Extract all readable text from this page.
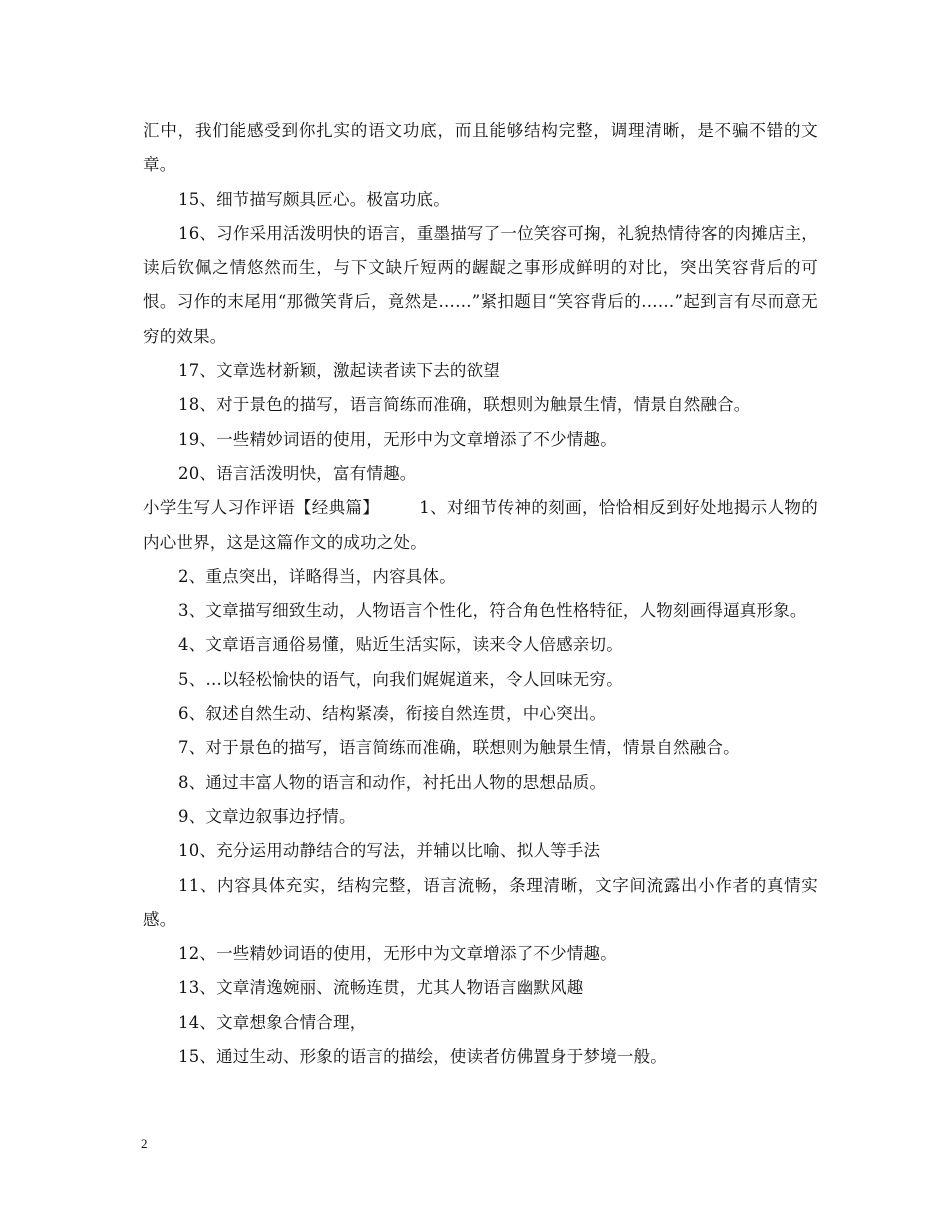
汇中，我们能感受到你扎实的语文功底，而且能够结构完整，调理清晰，是不骗不错的文章。

15、细节描写颇具匠心。极富功底。

16、习作采用活泼明快的语言，重墨描写了一位笑容可掬，礼貌热情待客的肉摊店主，读后钦佩之情悠然而生，与下文缺斤短两的龌龊之事形成鲜明的对比，突出笑容背后的可恨。习作的末尾用“那微笑背后，竟然是……”紧扣题目“笑容背后的……”起到言有尽而意无穷的效果。

17、文章选材新颖，激起读者读下去的欲望

18、对于景色的描写，语言简练而准确，联想则为触景生情，情景自然融合。

19、一些精妙词语的使用，无形中为文章增添了不少情趣。

20、语言活泼明快，富有情趣。

小学生写人习作评语【经典篇】 1、对细节传神的刻画，恰恰相反到好处地揭示人物的内心世界，这是这篇作文的成功之处。

2、重点突出，详略得当，内容具体。

3、文章描写细致生动，人物语言个性化，符合角色性格特征，人物刻画得逼真形象。

4、文章语言通俗易懂，贴近生活实际，读来令人倍感亲切。

5、…以轻松愉快的语气，向我们娓娓道来，令人回味无穷。

6、叙述自然生动、结构紧凑，衔接自然连贯，中心突出。

7、对于景色的描写，语言简练而准确，联想则为触景生情，情景自然融合。

8、通过丰富人物的语言和动作，衬托出人物的思想品质。

9、文章边叙事边抒情。

10、充分运用动静结合的写法，并辅以比喻、拟人等手法

11、内容具体充实，结构完整，语言流畅，条理清晰，文字间流露出小作者的真情实感。

12、一些精妙词语的使用，无形中为文章增添了不少情趣。

13、文章清逸婉丽、流畅连贯，尤其人物语言幽默风趣

14、文章想象合情合理，

15、通过生动、形象的语言的描绘，使读者仿佛置身于梦境一般。

2
